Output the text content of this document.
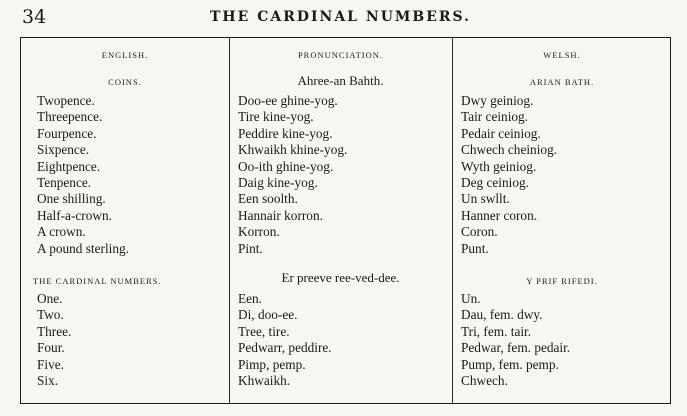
34	THE CARDINAL NUMBERS.
ENGLISH.
COINS.
Twopence.
Threepence.
Fourpence.
Sixpence.
Eightpence.
Tenpence.
One shilling.
Half-a-crown.
A crown.
A pound sterling.
THE CARDINAL NUMBERS.
One.
Two.
Three.
Four.
Five.
Six.
PRONUNCIATION.
Ahree-an Bahth.
Doo-ee ghine-yog.
Tire kine-yog.
Peddire kine-yog.
Khwaikh khine-yog.
Oo-ith ghine-yog.
Daig kine-yog.
Een soolth.
Hannair korron.
Korron.
Pint.
Er preeve ree-ved-dee.
Een.
Di, doo-ee.
Tree, tire.
Pedwarr, peddire.
Pimp, pemp.
Khwaikh.
WELSH.
ARIAN BATH.
Dwy geiniog.
Tair ceiniog.
Pedair ceiniog.
Chwech cheiniog.
Wyth geiniog.
Deg ceiniog.
Un swllt.
Hanner coron.
Coron.
Punt.
Y PRIF RIFEDI.
Un.
Dau, fem. dwy.
Tri, fem. tair.
Pedwar, fem. pedair.
Pump, fem. pemp.
Chwech.
